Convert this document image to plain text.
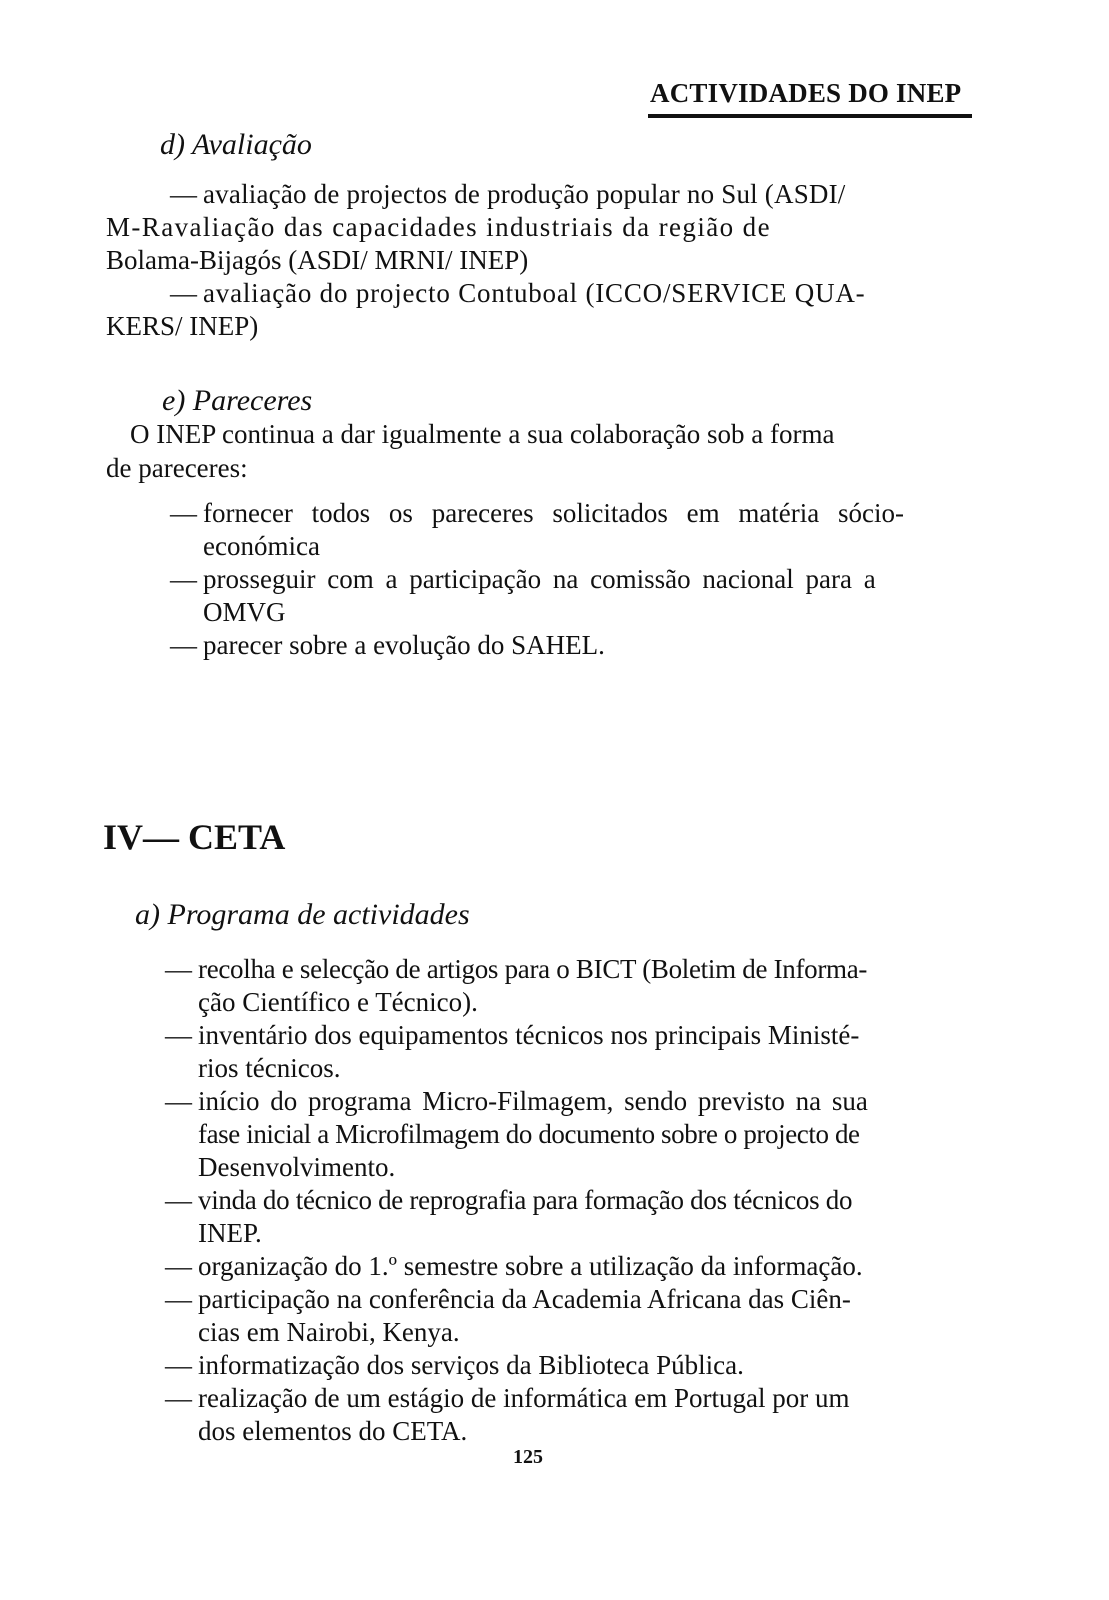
ACTIVIDADES DO INEP
d) Avaliação
— avaliação de projectos de produção popular no Sul (ASDI/
M-Ravaliação das capacidades industriais da região de
Bolama-Bijagós (ASDI/ MRNI/ INEP)
— avaliação do projecto Contuboal (ICCO/SERVICE QUA-
KERS/ INEP)
e) Pareceres
O INEP continua a dar igualmente a sua colaboração sob a forma
de pareceres:
— fornecer todos os pareceres solicitados em matéria sócio-
económica
— prosseguir com a participação na comissão nacional para a
OMVG
— parecer sobre a evolução do SAHEL.
IV— CETA
a) Programa de actividades
— recolha e selecção de artigos para o BICT (Boletim de Informa-
ção Científico e Técnico).
— inventário dos equipamentos técnicos nos principais Ministé-
rios técnicos.
— início do programa Micro-Filmagem, sendo previsto na sua
fase inicial a Microfilmagem do documento sobre o projecto de
Desenvolvimento.
— vinda do técnico de reprografia para formação dos técnicos do
INEP.
— organização do 1.º semestre sobre a utilização da informação.
— participação na conferência da Academia Africana das Ciên-
cias em Nairobi, Kenya.
— informatização dos serviços da Biblioteca Pública.
— realização de um estágio de informática em Portugal por um
dos elementos do CETA.
125
